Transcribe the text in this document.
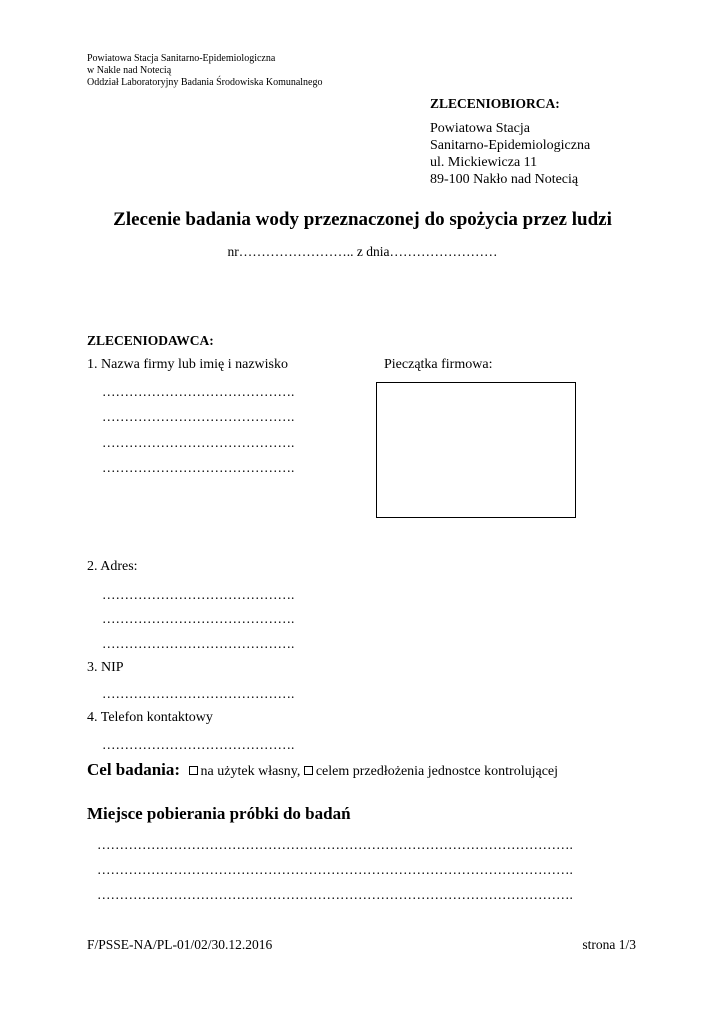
Powiatowa Stacja Sanitarno-Epidemiologiczna
w Nakle nad Notecią
Oddział Laboratoryjny Badania Środowiska Komunalnego
ZLECENIOBIORCA:
Powiatowa Stacja
Sanitarno-Epidemiologiczna
ul. Mickiewicza 11
89-100 Nakło nad Notecią
Zlecenie badania wody przeznaczonej do spożycia przez ludzi
nr…………………….. z dnia……………………
ZLECENIODAWCA:
1. Nazwa firmy lub imię i nazwisko	Pieczątka firmowa:
…………………………………….
…………………………………….
…………………………………….
…………………………………….
2. Adres:
…………………………………….
…………………………………….
…………………………………….
3. NIP
…………………………………….
4. Telefon kontaktowy
…………………………………….
Cel badania: na użytek własny, celem przedłożenia jednostce kontrolującej
Miejsce pobierania próbki do badań
…………………………………………………………………………………………….
…………………………………………………………………………………………….
…………………………………………………………………………………………….
F/PSSE-NA/PL-01/02/30.12.2016	strona 1/3
